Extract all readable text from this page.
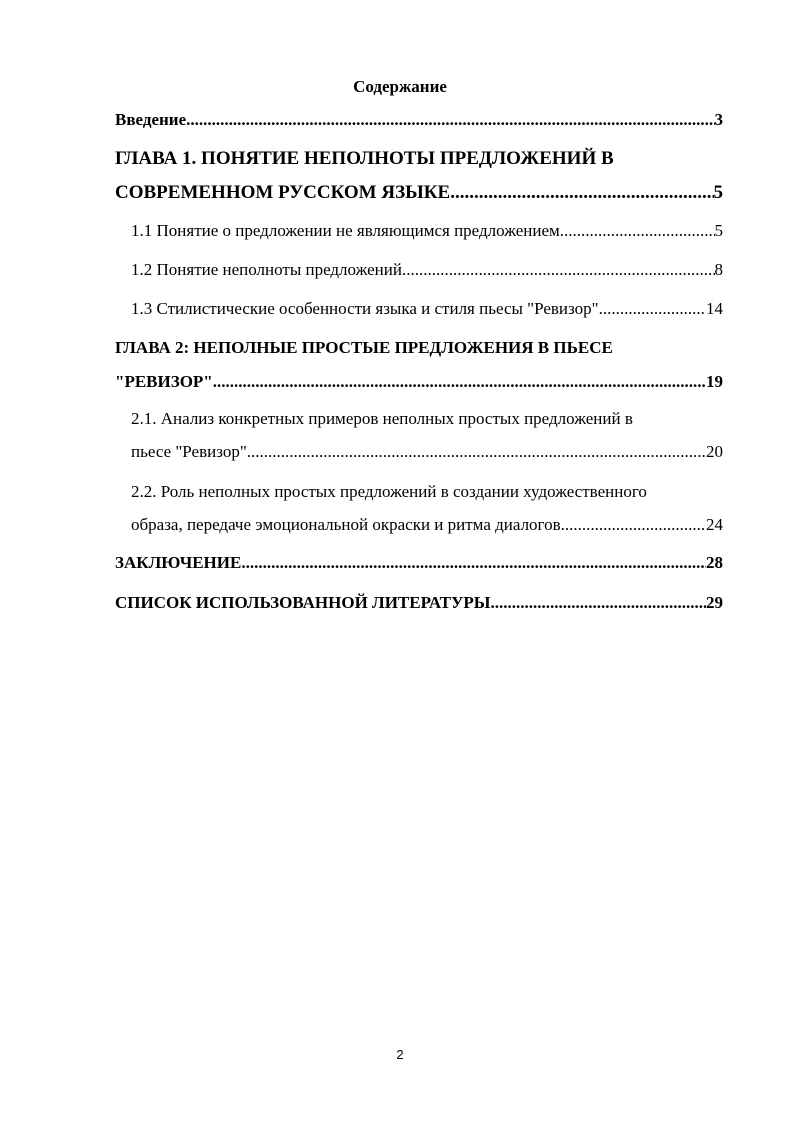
Содержание
Введение .....	3
ГЛАВА 1. ПОНЯТИЕ НЕПОЛНОТЫ ПРЕДЛОЖЕНИЙ В
СОВРЕМЕННОМ РУССКОМ ЯЗЫКЕ .....	5
1.1 Понятие о предложении не являющимся предложением .....	5
1.2 Понятие неполноты предложений .....	8
1.3 Стилистические особенности языка и стиля пьесы "Ревизор" .....	14
ГЛАВА 2: НЕПОЛНЫЕ ПРОСТЫЕ ПРЕДЛОЖЕНИЯ В ПЬЕСЕ
"РЕВИЗОР" .....	19
2.1. Анализ конкретных примеров неполных простых предложений в
пьесе "Ревизор" .....	20
2.2. Роль неполных простых предложений в создании художественного
образа, передаче эмоциональной окраски и ритма диалогов .....	24
ЗАКЛЮЧЕНИЕ .....	28
СПИСОК ИСПОЛЬЗОВАННОЙ ЛИТЕРАТУРЫ .....	29
2
